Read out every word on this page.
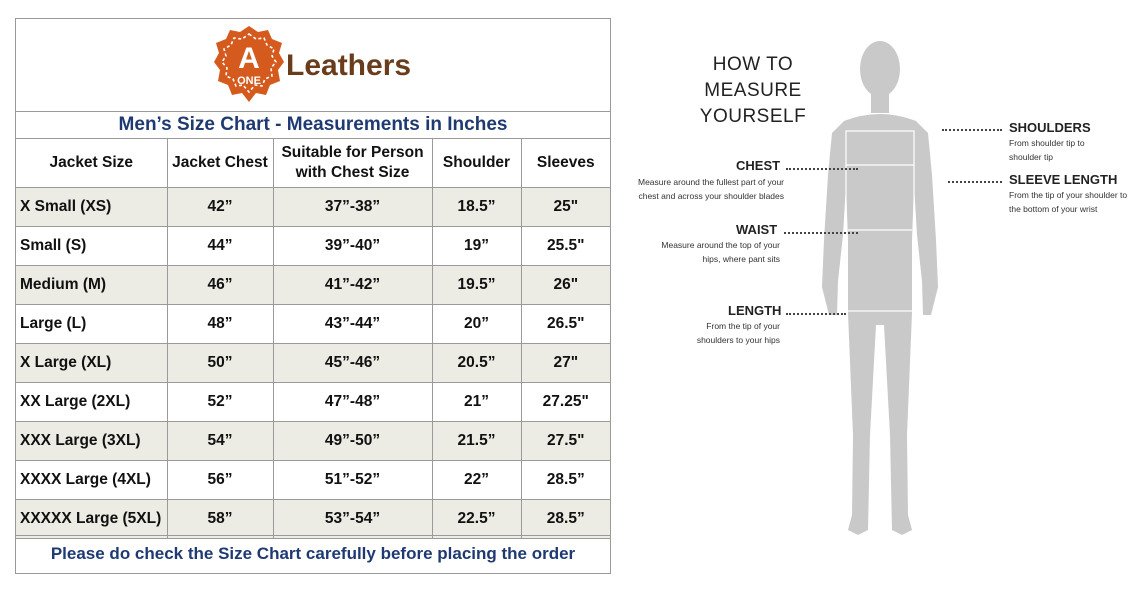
A
ONE Leathers
Men’s Size Chart - Measurements in Inches
Jacket Size	Jacket Chest	Suitable for Person with Chest Size	Shoulder	Sleeves
X Small (XS)	42”	37”-38”	18.5”	25"
Small (S)	44”	39”-40”	19”	25.5"
Medium (M)	46”	41”-42”	19.5”	26"
Large (L)	48”	43”-44”	20”	26.5"
X Large (XL)	50”	45”-46”	20.5”	27"
XX Large (2XL)	52”	47”-48”	21”	27.25"
XXX Large (3XL)	54”	49”-50”	21.5”	27.5"
XXXX Large (4XL)	56”	51”-52”	22”	28.5”
XXXXX Large (5XL)	58”	53”-54”	22.5”	28.5”
Please do check the Size Chart carefully before placing the order
HOW TO MEASURE YOURSELF
CHEST
Measure around the fullest part of your chest and across your shoulder blades
WAIST
Measure around the top of your hips, where pant sits
LENGTH
From the tip of your shoulders to your hips
SHOULDERS
From shoulder tip to shoulder tip
SLEEVE LENGTH
From the tip of your shoulder to the bottom of your wrist
